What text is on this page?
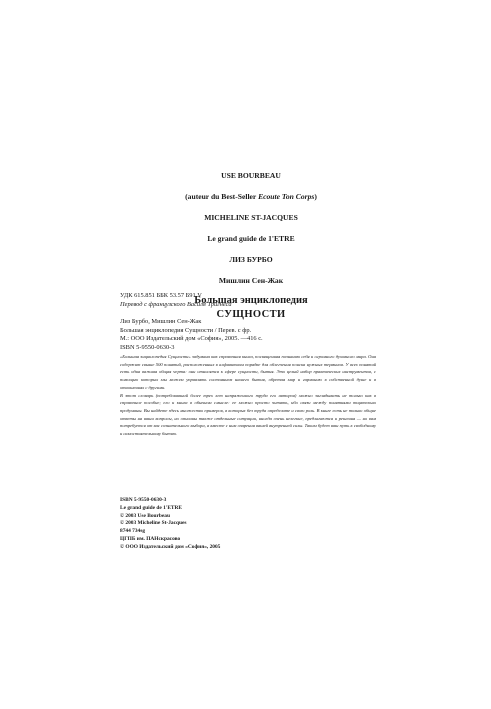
USE BOURBEAU
(auteur du Best-Seller Ecoute Ton Corps)
MICHELINE ST-JACQUES
Le grand guide de 1'ETRE
ЛИЗ БУРБО
Мишлин Сен-Жак
Большая энциклопедия
СУЩНОСТИ
УДК 615.851 ББК 53.57 Б91 V
Перевод с французского Василя Тригнеса
Лиз Бурбо, Мишлин Сен-Жак
Большая энциклопедия Сущности / Перев. с фр.
М.: ООО Издательский дом «София», 2005. —416 с.
ISBN 5-9550-0630-3

«Большая энциклопедия Сущности» задумана как справочная книга, посвященная познанию себя и огромного духовного мира. Она содержит свыше 500 понятий, расположенных в алфавитном порядке для облегчения поиска нужных терминов. У всех понятий есть одна важная общая черта: они относятся к сфере сущности, бытия. Это целый набор практических инструментов, с помощью которых мы можем управлять состоянием нашего бытия, обретая мир и гармонию в собственной душе и в отношениях с другими.

В этот словарь (потребовавший более трех лет напряженного труда его авторов) можно заглядывать не только как в справочное пособие; его и книга в обычном смысле: ее можно просто читать, ибо связи между понятиями тщательно продуманы. Вы найдете здесь множество примеров, в которых без труда определите и свою роль. В книге есть не только общие ответы на ваши вопросы, но описаны также отдельные ситуации, иногда очень нелегкие, предлагаются и решения — но вам потребуется от вас сознательного выбора, а вместе с ним озарения вашей внутренней силы. Таким будет ваш путь к свободному и самостоятельному бытию.

ISBN 5-9550-0630-3
Le grand guide de 1'ETRE
© 2003 Use Bourbeau
© 2003 Micheline St-Jacques
8744 734sg
ЦГПБ им. ПАНскрасово
© ООО Издательский дом «София», 2005
